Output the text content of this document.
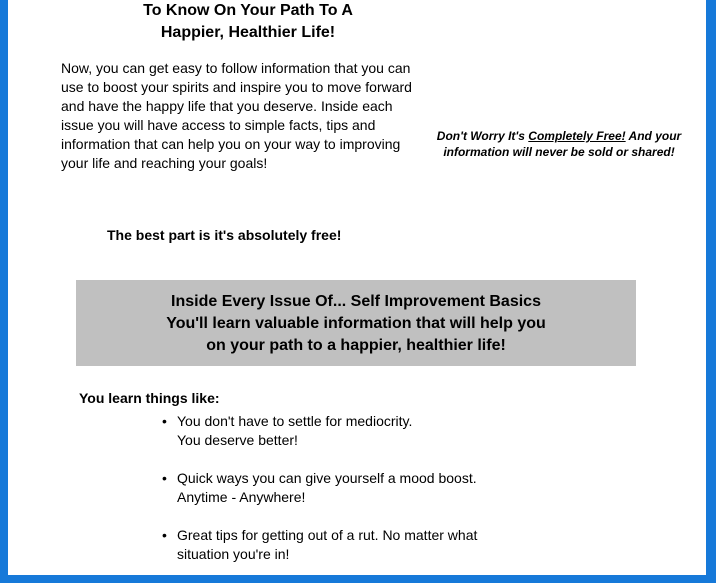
To Know On Your Path To A
Happier, Healthier Life!
Now, you can get easy to follow information that you can use to boost your spirits and inspire you to move forward and have the happy life that you deserve. Inside each issue you will have access to simple facts, tips and information that can help you on your way to improving your life and reaching your goals!
The best part is it's absolutely free!
Don't Worry It's Completely Free! And your information will never be sold or shared!
Inside Every Issue Of... Self Improvement Basics
You'll learn valuable information that will help you
on your path to a happier, healthier life!
You learn things like:
• You don't have to settle for mediocrity.
You deserve better!
• Quick ways you can give yourself a mood boost.
Anytime - Anywhere!
• Great tips for getting out of a rut. No matter what
situation you're in!
